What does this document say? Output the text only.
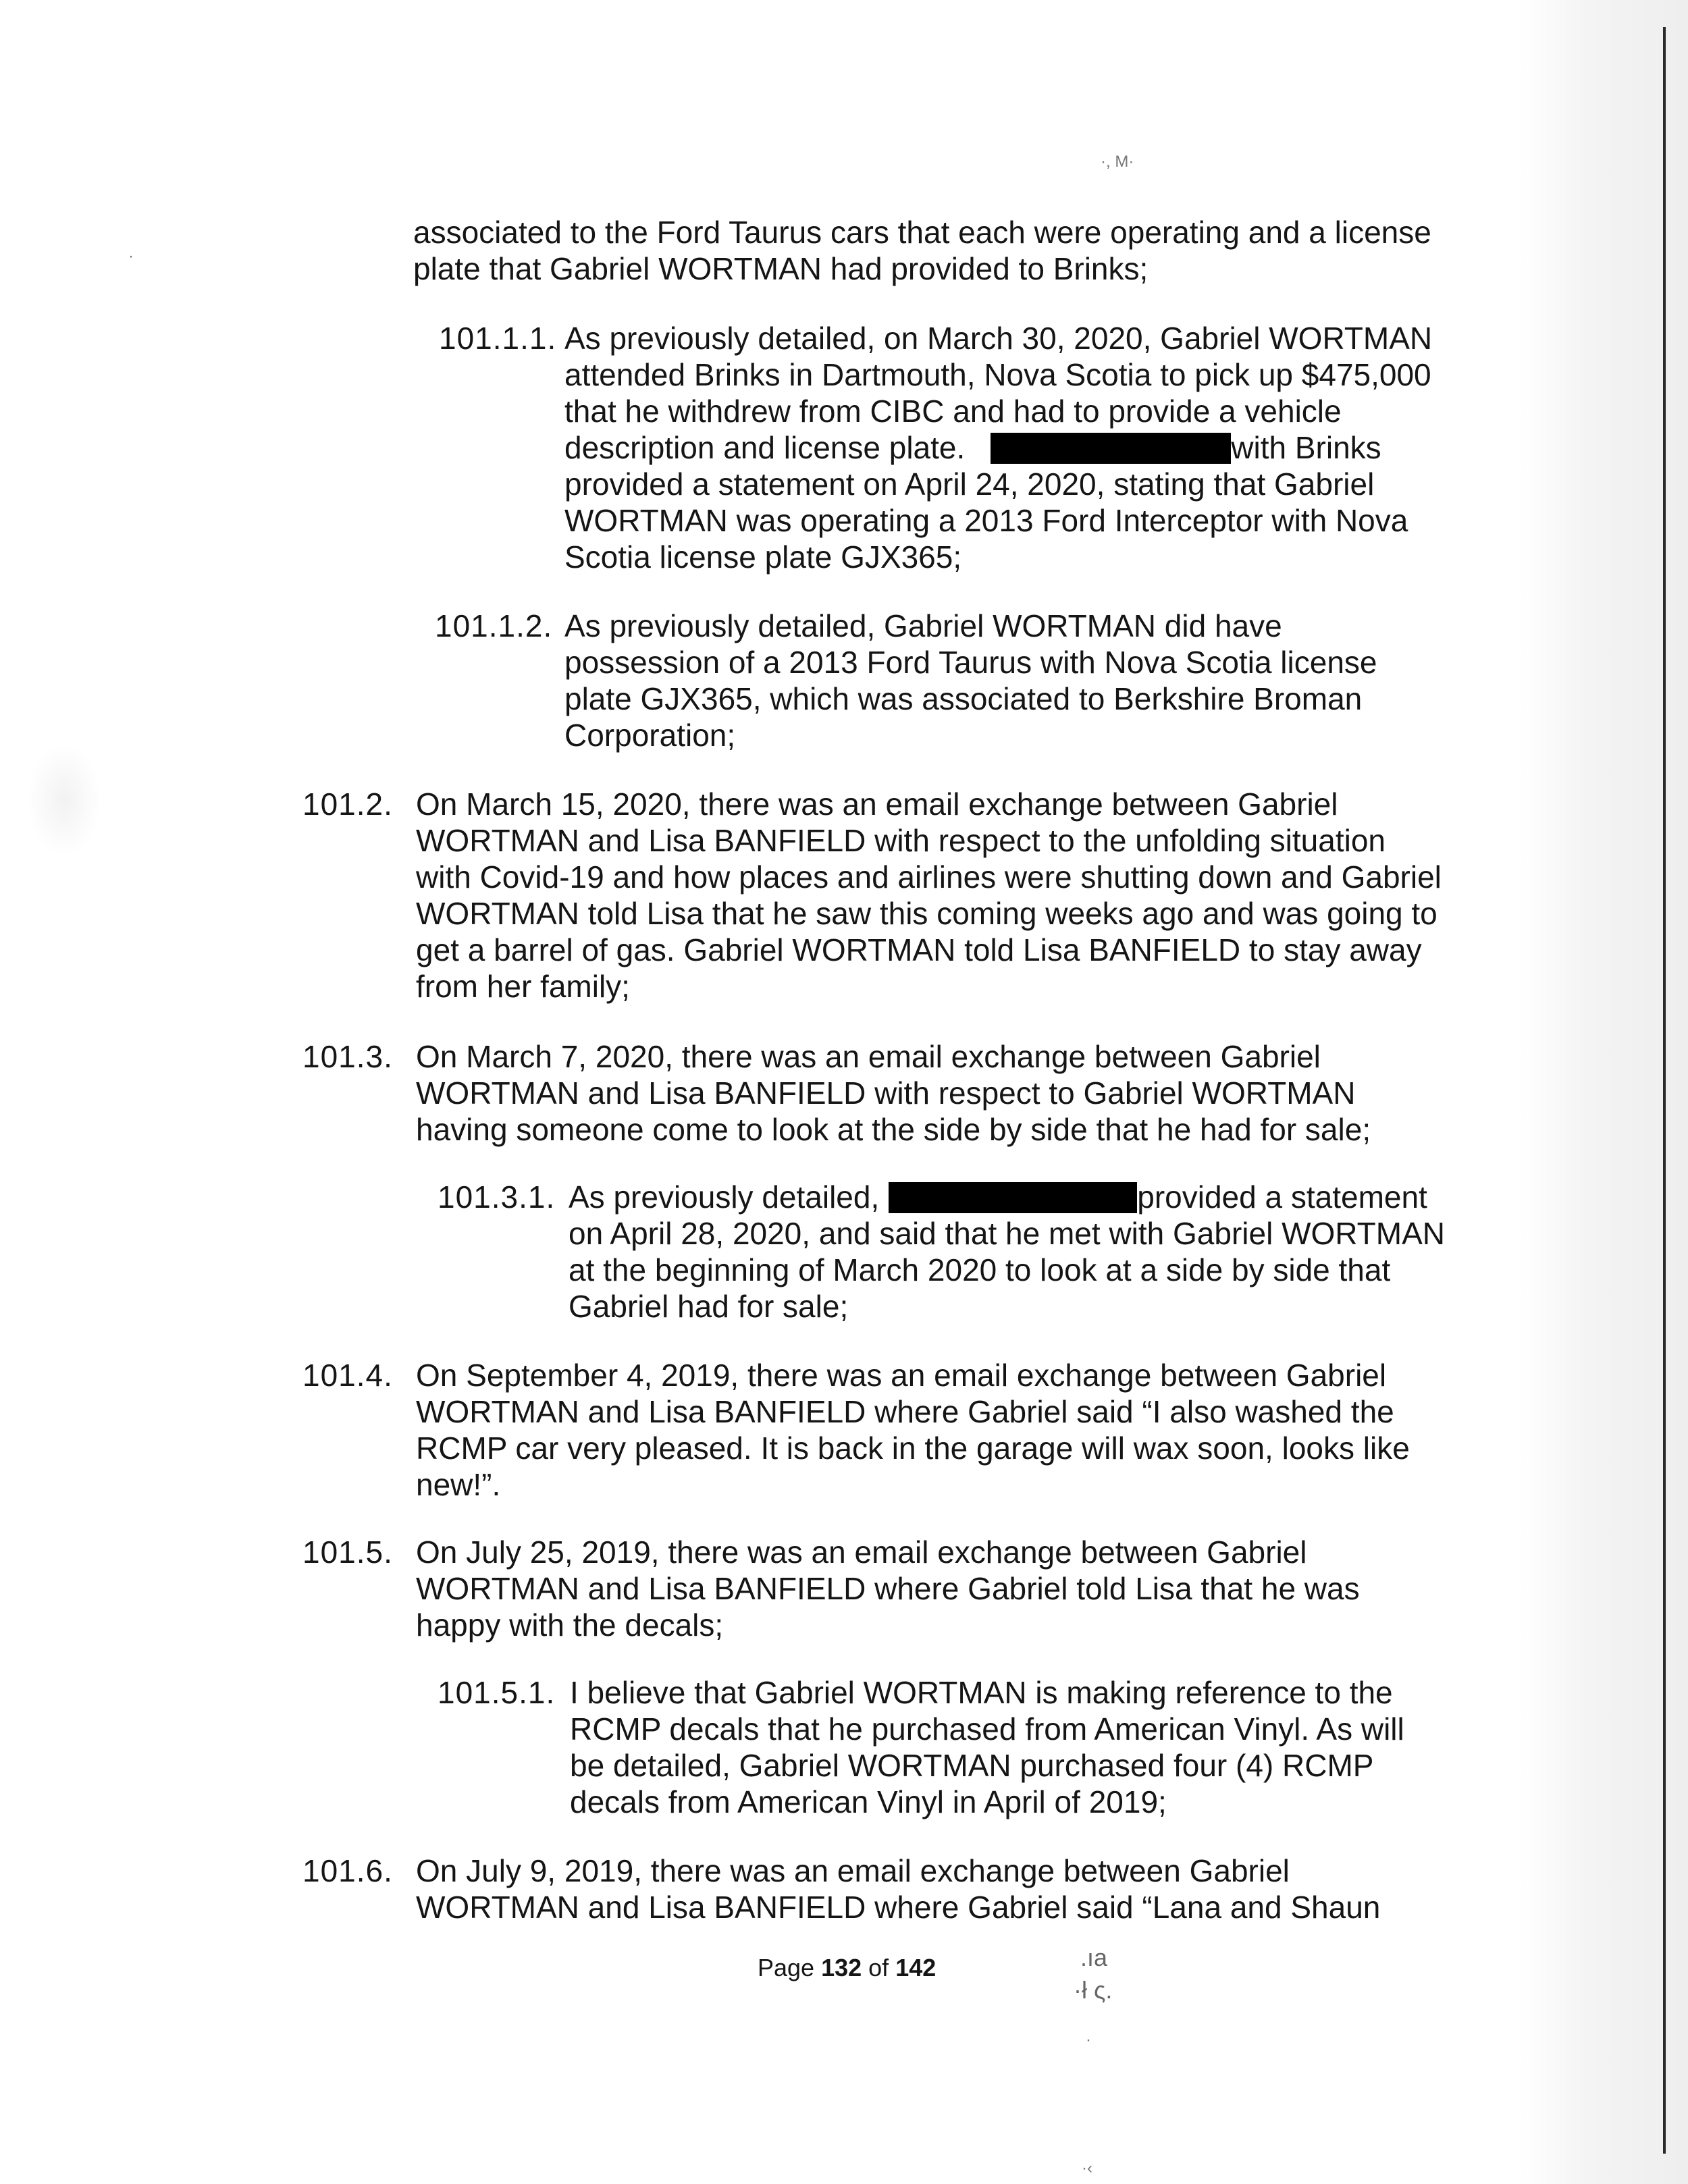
·, M·
·

associated to the Ford Taurus cars that each were operating and a license

plate that Gabriel WORTMAN had provided to Brinks;

101.1.1. As previously detailed, on March 30, 2020, Gabriel WORTMAN

attended Brinks in Dartmouth, Nova Scotia to pick up $475,000

that he withdrew from CIBC and had to provide a vehicle

description and license plate.	with Brinks

provided a statement on April 24, 2020, stating that Gabriel

WORTMAN was operating a 2013 Ford Interceptor with Nova

Scotia license plate GJX365;

101.1.2. As previously detailed, Gabriel WORTMAN did have

possession of a 2013 Ford Taurus with Nova Scotia license

plate GJX365, which was associated to Berkshire Broman

Corporation;

101.2. On March 15, 2020, there was an email exchange between Gabriel

WORTMAN and Lisa BANFIELD with respect to the unfolding situation

with Covid-19 and how places and airlines were shutting down and Gabriel

WORTMAN told Lisa that he saw this coming weeks ago and was going to

get a barrel of gas. Gabriel WORTMAN told Lisa BANFIELD to stay away

from her family;

101.3. On March 7, 2020, there was an email exchange between Gabriel

WORTMAN and Lisa BANFIELD with respect to Gabriel WORTMAN

having someone come to look at the side by side that he had for sale;

101.3.1. As previously detailed,	provided a statement

on April 28, 2020, and said that he met with Gabriel WORTMAN

at the beginning of March 2020 to look at a side by side that

Gabriel had for sale;

101.4. On September 4, 2019, there was an email exchange between Gabriel

WORTMAN and Lisa BANFIELD where Gabriel said “I also washed the

RCMP car very pleased. It is back in the garage will wax soon, looks like

new!”.

101.5. On July 25, 2019, there was an email exchange between Gabriel

WORTMAN and Lisa BANFIELD where Gabriel told Lisa that he was

happy with the decals;

101.5.1. I believe that Gabriel WORTMAN is making reference to the

RCMP decals that he purchased from American Vinyl. As will

be detailed, Gabriel WORTMAN purchased four (4) RCMP

decals from American Vinyl in April of 2019;

101.6. On July 9, 2019, there was an email exchange between Gabriel

WORTMAN and Lisa BANFIELD where Gabriel said “Lana and Shaun

Page 132 of 142	.ıa
·ł ς.
·
·‹
